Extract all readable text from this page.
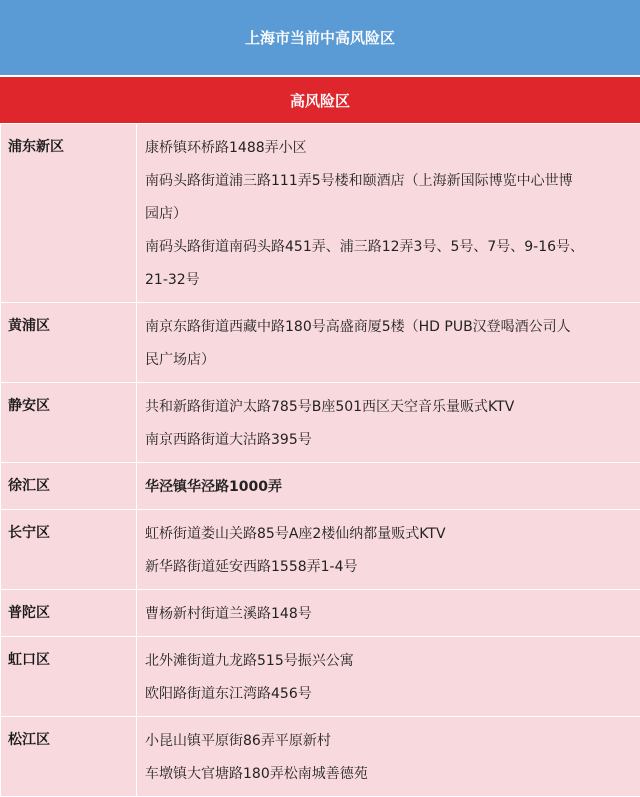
上海市当前中高风险区
高风险区
浦东新区	康桥镇环桥路1488弄小区

南码头路街道浦三路111弄5号楼和颐酒店（上海新国际博览中心世博

园店）

南码头路街道南码头路451弄、浦三路12弄3号、5号、7号、9-16号、

21-32号

黄浦区	南京东路街道西藏中路180号高盛商厦5楼（HD PUB汉登喝酒公司人

民广场店）

静安区	共和新路街道沪太路785号B座501西区天空音乐量贩式KTV

南京西路街道大沽路395号

徐汇区	华泾镇华泾路1000弄

长宁区	虹桥街道娄山关路85号A座2楼仙纳都量贩式KTV

新华路街道延安西路1558弄1-4号

普陀区	曹杨新村街道兰溪路148号

虹口区	北外滩街道九龙路515号振兴公寓

欧阳路街道东江湾路456号

松江区	小昆山镇平原街86弄平原新村

车墩镇大官塘路180弄松南城善德苑
